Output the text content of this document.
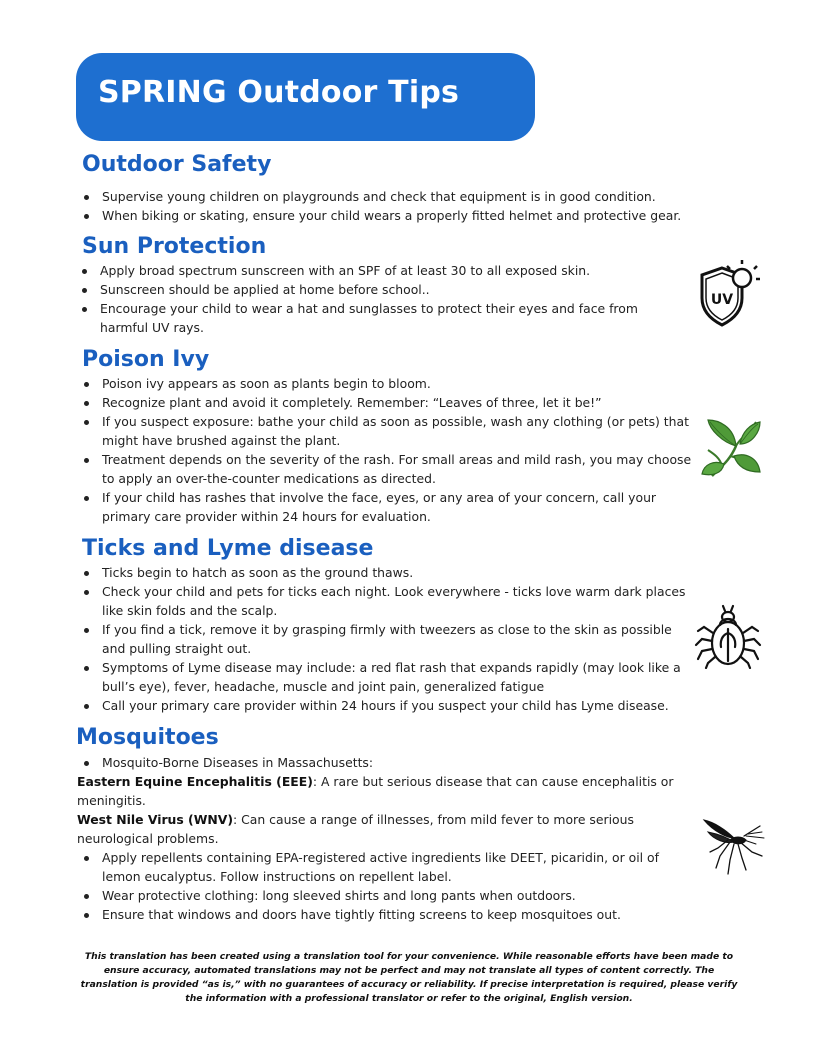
SPRING Outdoor Tips
Outdoor Safety
Supervise young children on playgrounds and check that equipment is in good condition.
When biking or skating, ensure your child wears a properly fitted helmet and protective gear.
Sun Protection
Apply broad spectrum sunscreen with an SPF of at least 30 to all exposed skin.
Sunscreen should be applied at home before school..
Encourage your child to wear a hat and sunglasses to protect their eyes and face from harmful UV rays.
UV
Poison Ivy
Poison ivy appears as soon as plants begin to bloom.
Recognize plant and avoid it completely. Remember: “Leaves of three, let it be!”
If you suspect exposure: bathe your child as soon as possible, wash any clothing (or pets) that might have brushed against the plant.
Treatment depends on the severity of the rash. For small areas and mild rash, you may choose to apply an over-the-counter medications as directed.
If your child has rashes that involve the face, eyes, or any area of your concern, call your primary care provider within 24 hours for evaluation.
Ticks and Lyme disease
Ticks begin to hatch as soon as the ground thaws.
Check your child and pets for ticks each night. Look everywhere - ticks love warm dark places like skin folds and the scalp.
If you find a tick, remove it by grasping firmly with tweezers as close to the skin as possible and pulling straight out.
Symptoms of Lyme disease may include: a red flat rash that expands rapidly (may look like a bull’s eye), fever, headache, muscle and joint pain, generalized fatigue
Call your primary care provider within 24 hours if you suspect your child has Lyme disease.
Mosquitoes
Mosquito-Borne Diseases in Massachusetts:
Eastern Equine Encephalitis (EEE): A rare but serious disease that can cause encephalitis or meningitis.
West Nile Virus (WNV): Can cause a range of illnesses, from mild fever to more serious neurological problems.
Apply repellents containing EPA-registered active ingredients like DEET, picaridin, or oil of lemon eucalyptus. Follow instructions on repellent label.
Wear protective clothing: long sleeved shirts and long pants when outdoors.
Ensure that windows and doors have tightly fitting screens to keep mosquitoes out.
This translation has been created using a translation tool for your convenience. While reasonable efforts have been made to ensure accuracy, automated translations may not be perfect and may not translate all types of content correctly. The translation is provided “as is,” with no guarantees of accuracy or reliability. If precise interpretation is required, please verify the information with a professional translator or refer to the original, English version.
